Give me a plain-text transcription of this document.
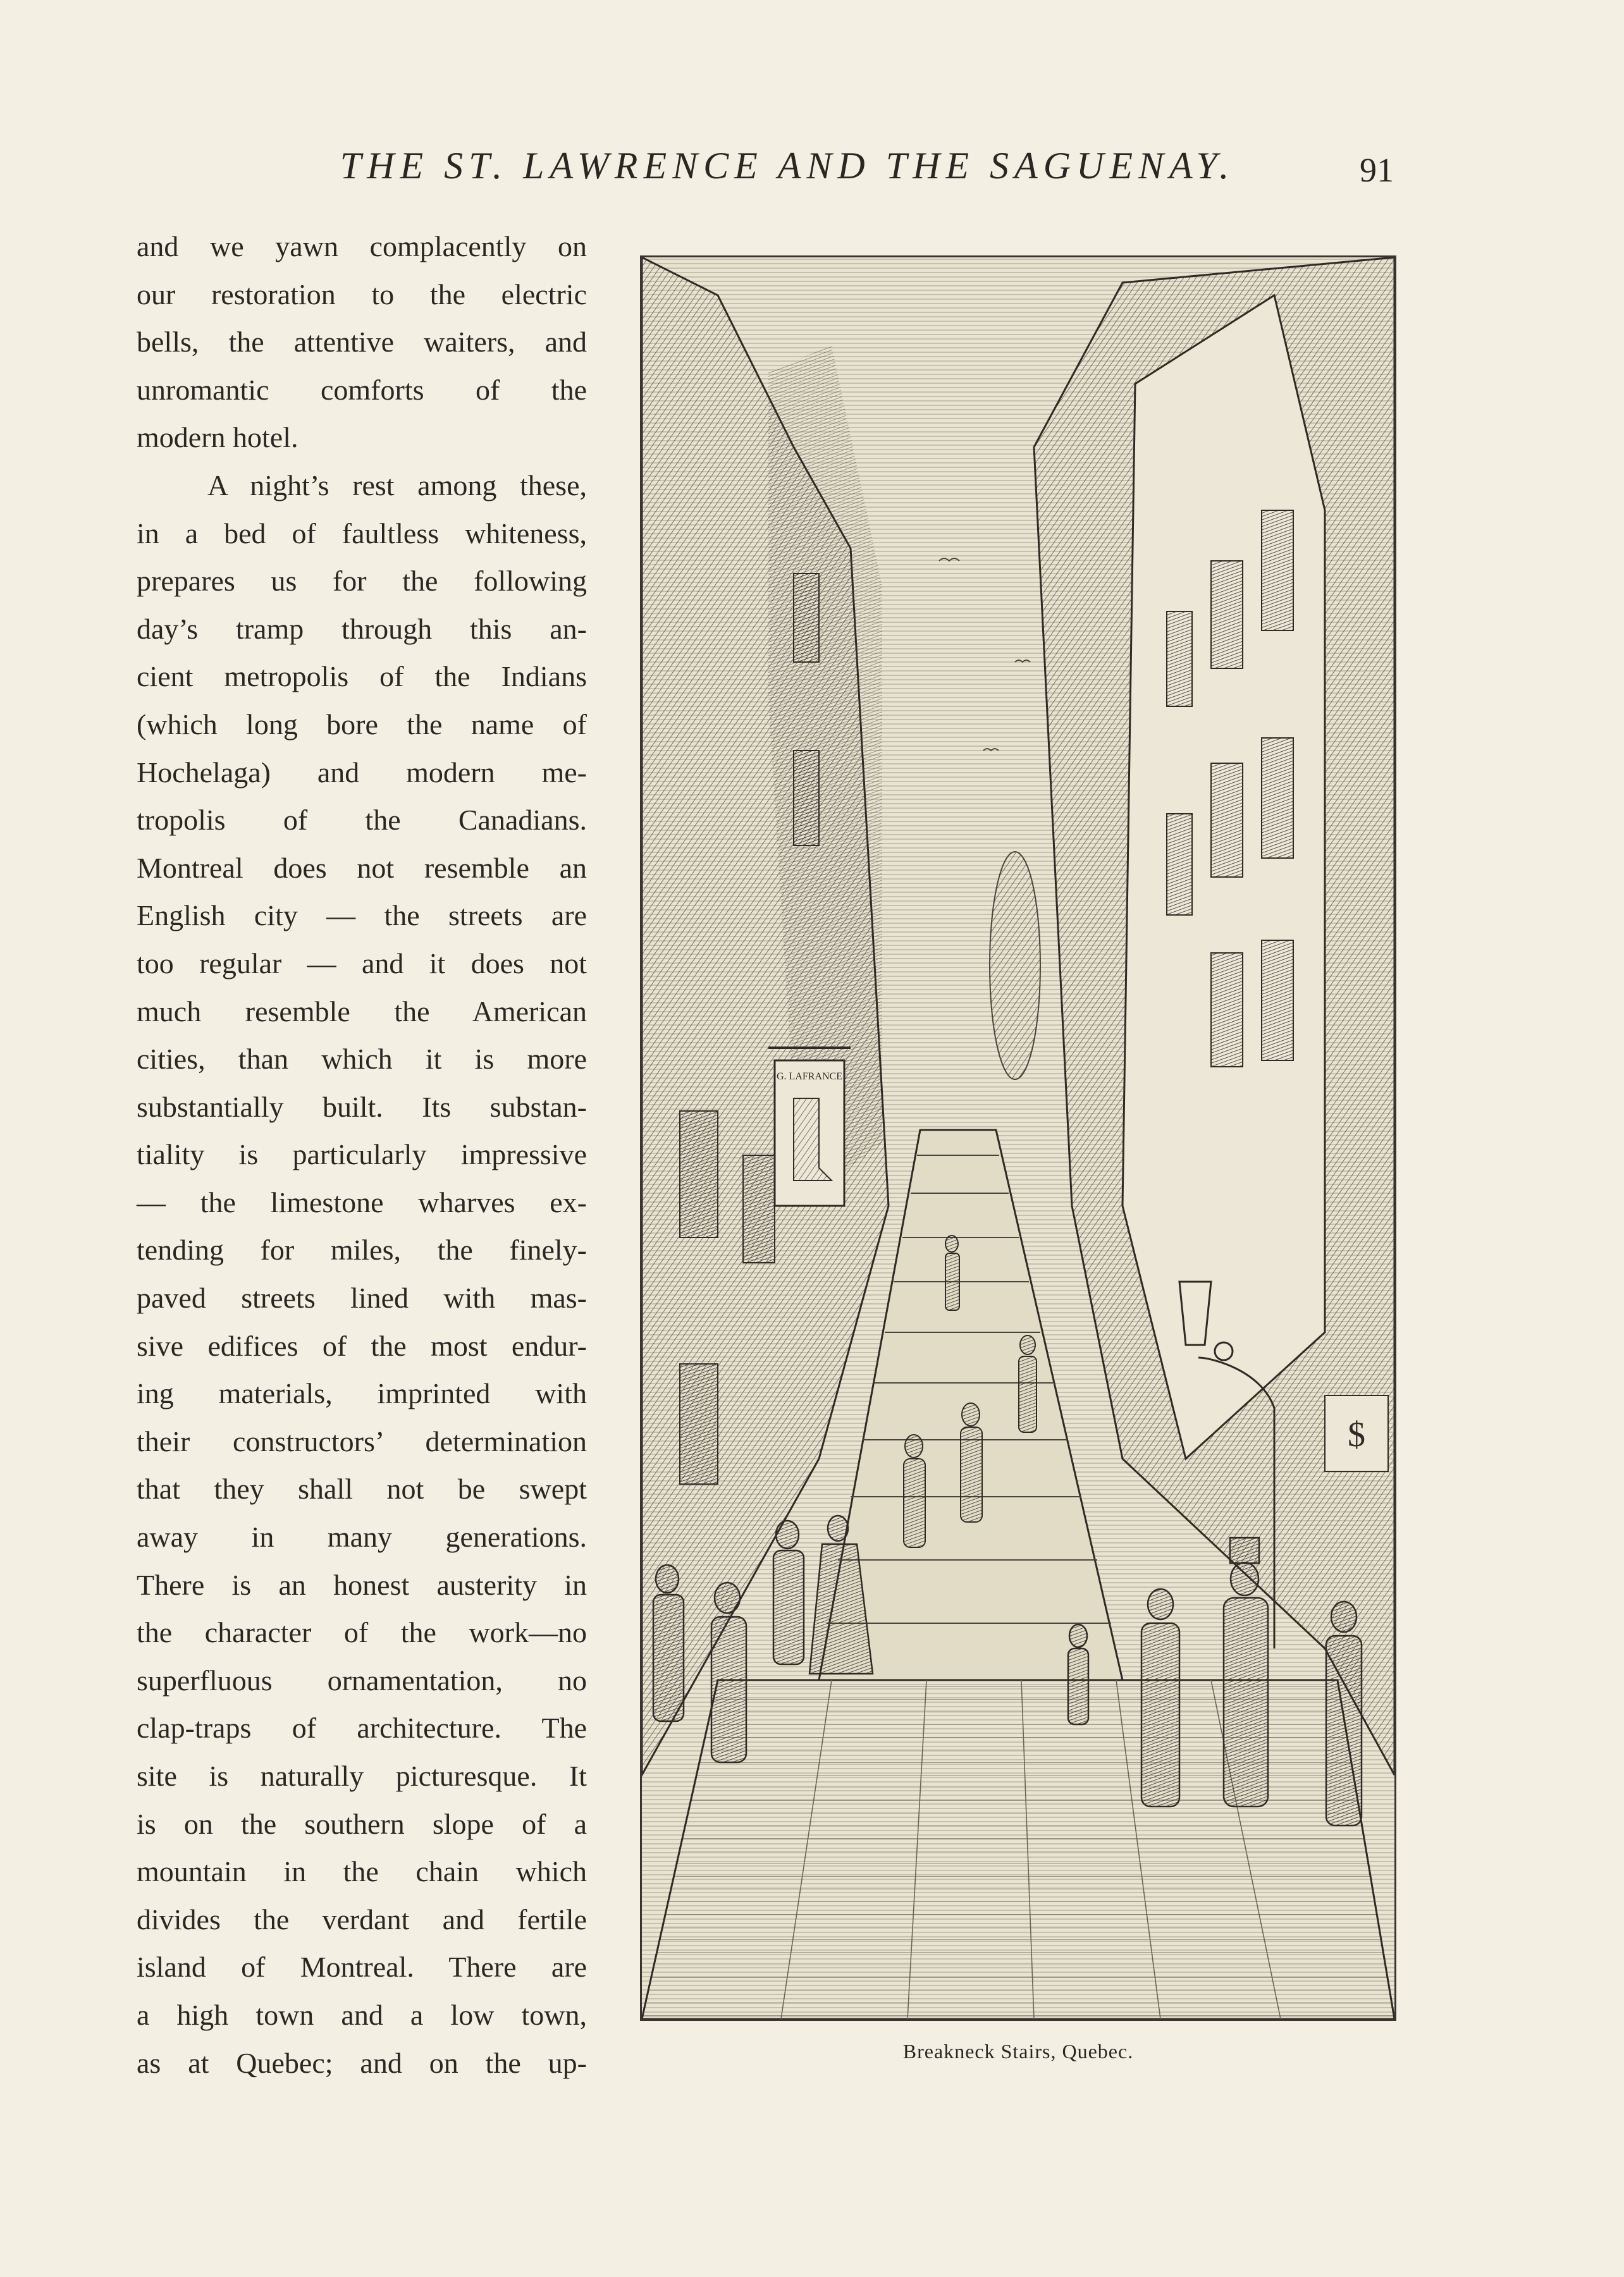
THE ST. LAWRENCE AND THE SAGUENAY.	91

and we yawn complacently on

our restoration to the electric

bells, the attentive waiters, and

unromantic comforts of the

modern hotel.

A night’s rest among these,

in a bed of faultless whiteness,

prepares us for the following

day’s tramp through this an-

cient metropolis of the Indians

(which long bore the name of

Hochelaga) and modern me-

tropolis of the Canadians.

Montreal does not resemble an

English city — the streets are

too regular — and it does not

much resemble the American

cities, than which it is more

substantially built. Its substan-

tiality is particularly impressive

— the limestone wharves ex-

tending for miles, the finely-

paved streets lined with mas-

sive edifices of the most endur-

ing materials, imprinted with

their constructors’ determination

that they shall not be swept

away in many generations.

There is an honest austerity in

the character of the work—no

superfluous ornamentation, no

clap-traps of architecture. The

site is naturally picturesque. It

is on the southern slope of a

mountain in the chain which

divides the verdant and fertile

island of Montreal. There are

a high town and a low town,

as at Quebec; and on the up-

G. LAFRANCE
$
Breakneck Stairs, Quebec.
